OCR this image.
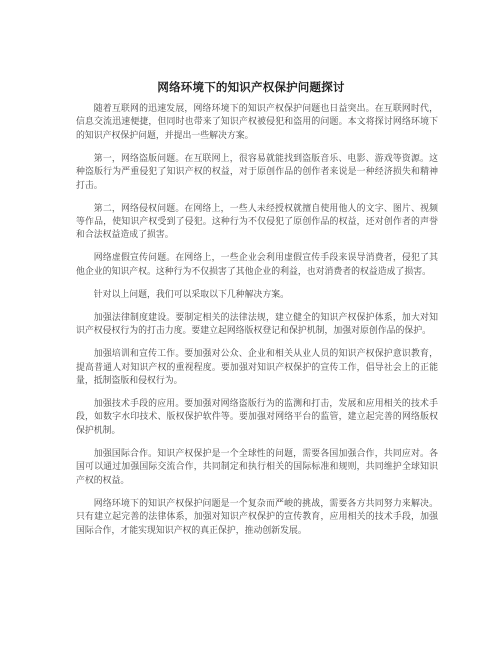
网络环境下的知识产权保护问题探讨

随着互联网的迅速发展，网络环境下的知识产权保护问题也日益突出。在互联网时代，信息交流迅速便捷，但同时也带来了知识产权被侵犯和盗用的问题。本文将探讨网络环境下的知识产权保护问题，并提出一些解决方案。

第一，网络盗版问题。在互联网上，很容易就能找到盗版音乐、电影、游戏等资源。这种盗版行为严重侵犯了知识产权的权益，对于原创作品的创作者来说是一种经济损失和精神打击。

第二，网络侵权问题。在网络上，一些人未经授权就擅自使用他人的文字、图片、视频等作品，使知识产权受到了侵犯。这种行为不仅侵犯了原创作品的权益，还对创作者的声誉和合法权益造成了损害。

网络虚假宣传问题。在网络上，一些企业会利用虚假宣传手段来误导消费者，侵犯了其他企业的知识产权。这种行为不仅损害了其他企业的利益，也对消费者的权益造成了损害。

针对以上问题，我们可以采取以下几种解决方案。

加强法律制度建设。要制定相关的法律法规，建立健全的知识产权保护体系，加大对知识产权侵权行为的打击力度。要建立起网络版权登记和保护机制，加强对原创作品的保护。

加强培训和宣传工作。要加强对公众、企业和相关从业人员的知识产权保护意识教育，提高普通人对知识产权的重视程度。要加强对知识产权保护的宣传工作，倡导社会上的正能量，抵制盗版和侵权行为。

加强技术手段的应用。要加强对网络盗版行为的监测和打击，发展和应用相关的技术手段，如数字水印技术、版权保护软件等。要加强对网络平台的监管，建立起完善的网络版权保护机制。

加强国际合作。知识产权保护是一个全球性的问题，需要各国加强合作，共同应对。各国可以通过加强国际交流合作，共同制定和执行相关的国际标准和规则，共同维护全球知识产权的权益。

网络环境下的知识产权保护问题是一个复杂而严峻的挑战，需要各方共同努力来解决。只有建立起完善的法律体系，加强对知识产权保护的宣传教育，应用相关的技术手段，加强国际合作，才能实现知识产权的真正保护，推动创新发展。
